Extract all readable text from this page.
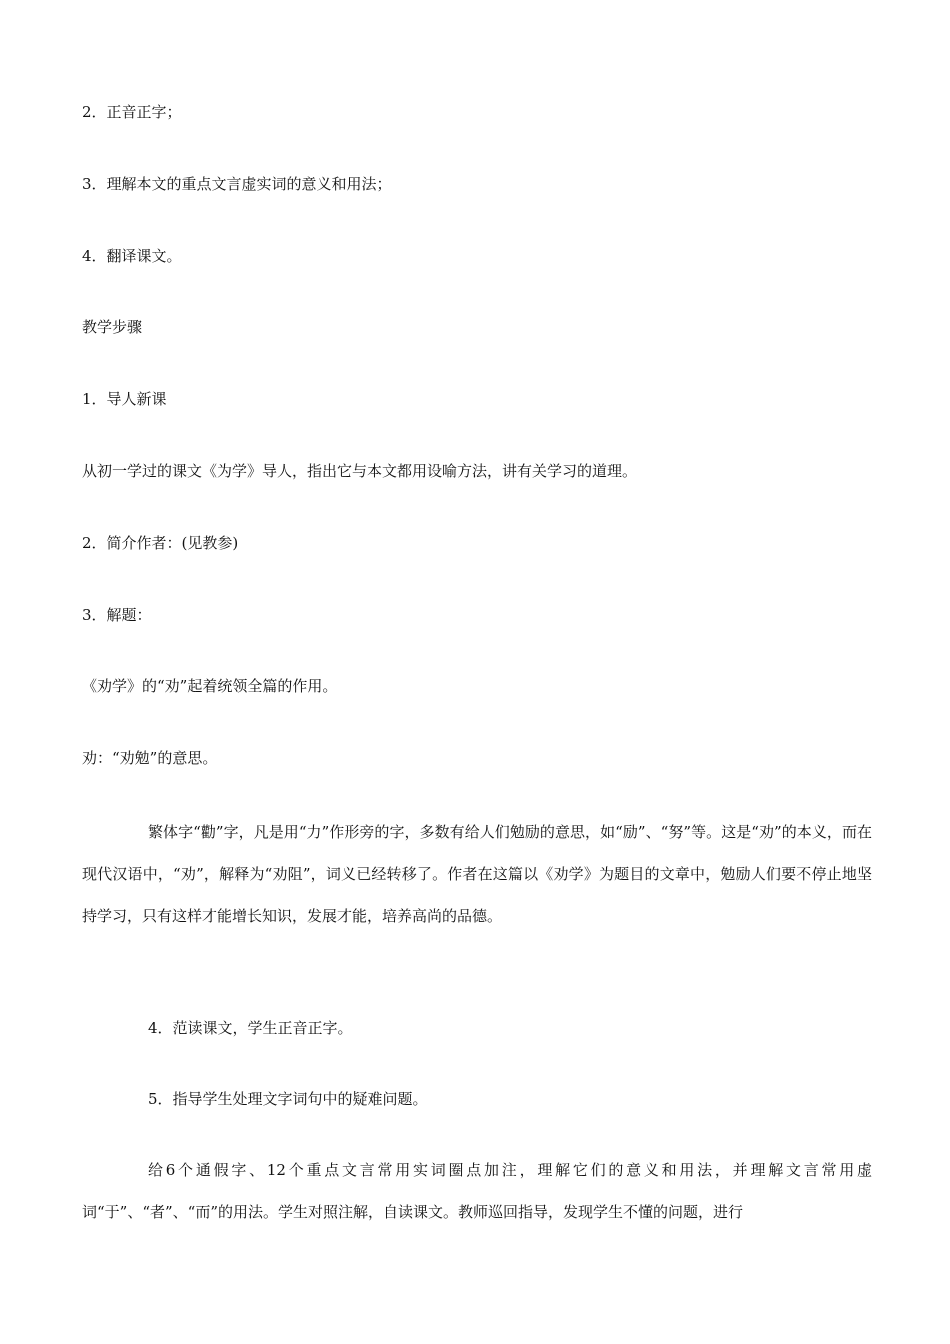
2．正音正字；
3．理解本文的重点文言虚实词的意义和用法；
4．翻译课文。
教学步骤
1．导人新课
从初一学过的课文《为学》导人，指出它与本文都用设喻方法，讲有关学习的道理。
2．简介作者：(见教参)
3．解题：
《劝学》的“劝”起着统领全篇的作用。
劝：“劝勉”的意思。
繁体字“勸”字，凡是用“力”作形旁的字，多数有给人们勉励的意思，如“励”、“努”等。这是“劝”的本义，而在现代汉语中，“劝”，解释为“劝阻”，词义已经转移了。作者在这篇以《劝学》为题目的文章中，勉励人们要不停止地坚持学习，只有这样才能增长知识，发展才能，培养高尚的品德。
4．范读课文，学生正音正字。
5．指导学生处理文字词句中的疑难问题。
给6个通假字、12个重点文言常用实词圈点加注，理解它们的意义和用法，并理解文言常用虚词“于”、“者”、“而”的用法。学生对照注解，自读课文。教师巡回指导，发现学生不懂的问题，进行
